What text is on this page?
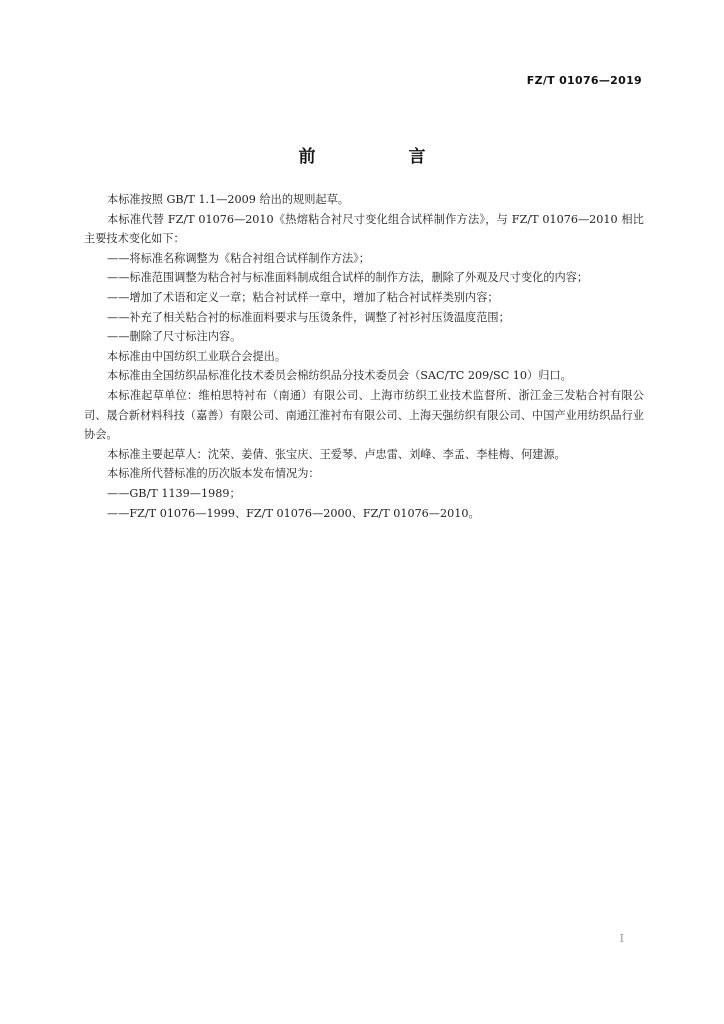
FZ/T 01076—2019
前　言

本标准按照 GB/T 1.1—2009 给出的规则起草。

本标准代替 FZ/T 01076—2010《热熔粘合衬尺寸变化组合试样制作方法》，与 FZ/T 01076—2010 相比主要技术变化如下：

——将标准名称调整为《粘合衬组合试样制作方法》；

——标准范围调整为粘合衬与标准面料制成组合试样的制作方法，删除了外观及尺寸变化的内容；

——增加了术语和定义一章；粘合衬试样一章中，增加了粘合衬试样类别内容；

——补充了相关粘合衬的标准面料要求与压烫条件，调整了衬衫衬压烫温度范围；

——删除了尺寸标注内容。

本标准由中国纺织工业联合会提出。

本标准由全国纺织品标准化技术委员会棉纺织品分技术委员会（SAC/TC 209/SC 10）归口。

本标准起草单位：维柏思特衬布（南通）有限公司、上海市纺织工业技术监督所、浙江金三发粘合衬有限公司、晟合新材料科技（嘉善）有限公司、南通江淮衬布有限公司、上海天强纺织有限公司、中国产业用纺织品行业协会。

本标准主要起草人：沈荣、姜倩、张宝庆、王爱琴、卢忠雷、刘峰、李孟、李桂梅、何建源。

本标准所代替标准的历次版本发布情况为：

——GB/T 1139—1989；

——FZ/T 01076—1999、FZ/T 01076—2000、FZ/T 01076—2010。

I
